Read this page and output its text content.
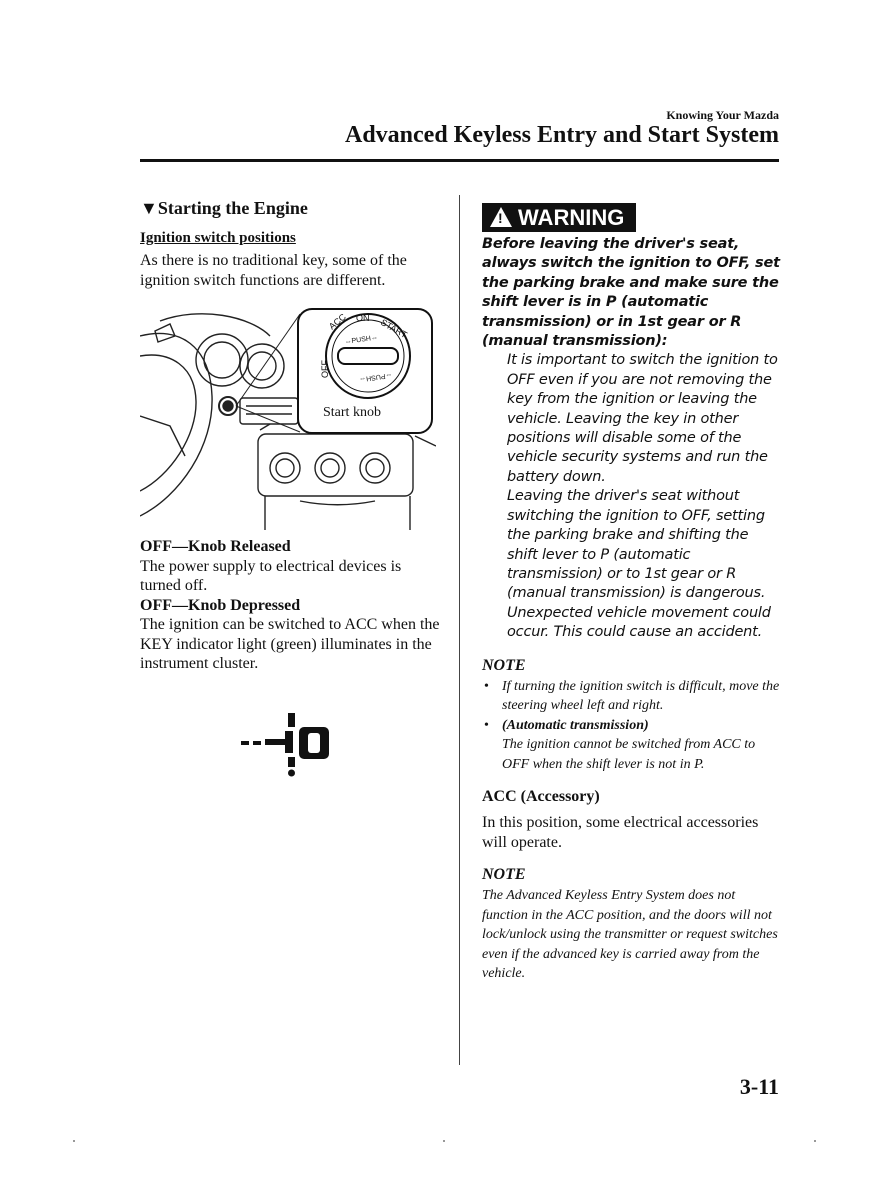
Knowing Your Mazda
Advanced Keyless Entry and Start System

▼Starting the Engine

Ignition switch positions

As there is no traditional key, some of the ignition switch functions are different.

ACC ON START
OFF
⇔PUSH⇔
⇔PUSH⇔
Start knob

OFF—Knob Released

The power supply to electrical devices is turned off.

OFF—Knob Depressed

The ignition can be switched to ACC when the KEY indicator light (green) illuminates in the instrument cluster.

! WARNING

Before leaving the driver's seat, always switch the ignition to OFF, set the parking brake and make sure the shift lever is in P (automatic transmission) or in 1st gear or R (manual transmission):

It is important to switch the ignition to OFF even if you are not removing the key from the ignition or leaving the vehicle. Leaving the key in other positions will disable some of the vehicle security systems and run the battery down.

Leaving the driver's seat without switching the ignition to OFF, setting the parking brake and shifting the shift lever to P (automatic transmission) or to 1st gear or R (manual transmission) is dangerous. Unexpected vehicle movement could occur. This could cause an accident.

NOTE

• If turning the ignition switch is difficult, move the steering wheel left and right.
• (Automatic transmission)
The ignition cannot be switched from ACC to OFF when the shift lever is not in P.

ACC (Accessory)

In this position, some electrical accessories will operate.

NOTE

The Advanced Keyless Entry System does not function in the ACC position, and the doors will not lock/unlock using the transmitter or request switches even if the advanced key is carried away from the vehicle.

3-11
